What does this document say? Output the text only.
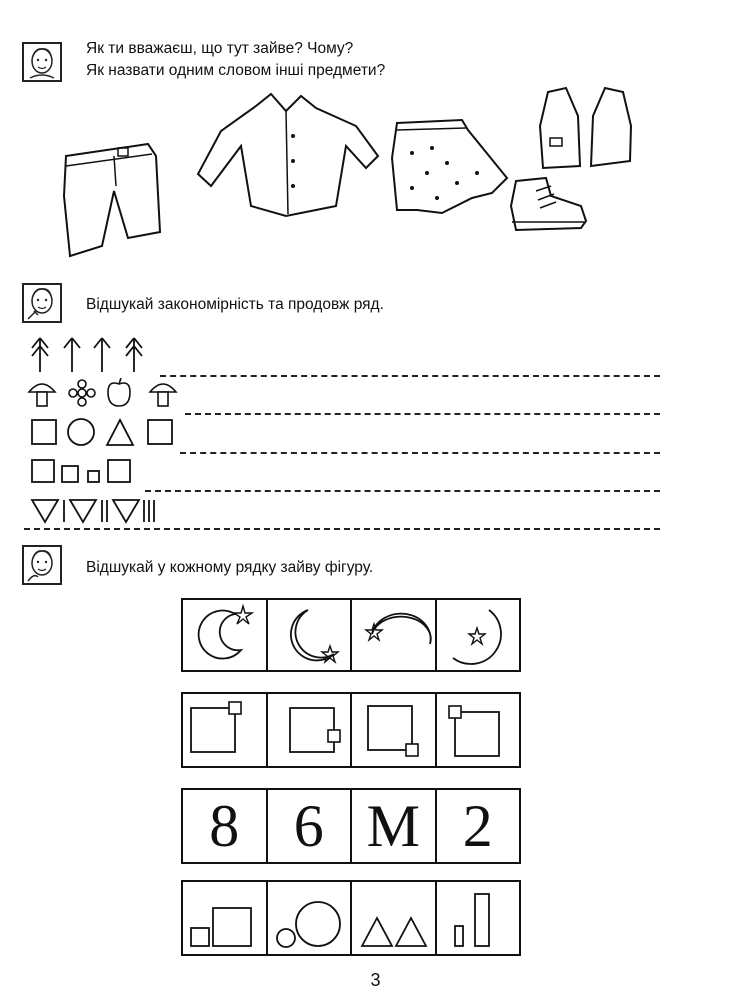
Як ти вважаєш, що тут зайве? Чому?
Як назвати одним словом інші предмети?
Відшукай закономірність та продовж ряд.
Відшукай у кожному рядку зайву фігуру.
8 6 M 2
3
